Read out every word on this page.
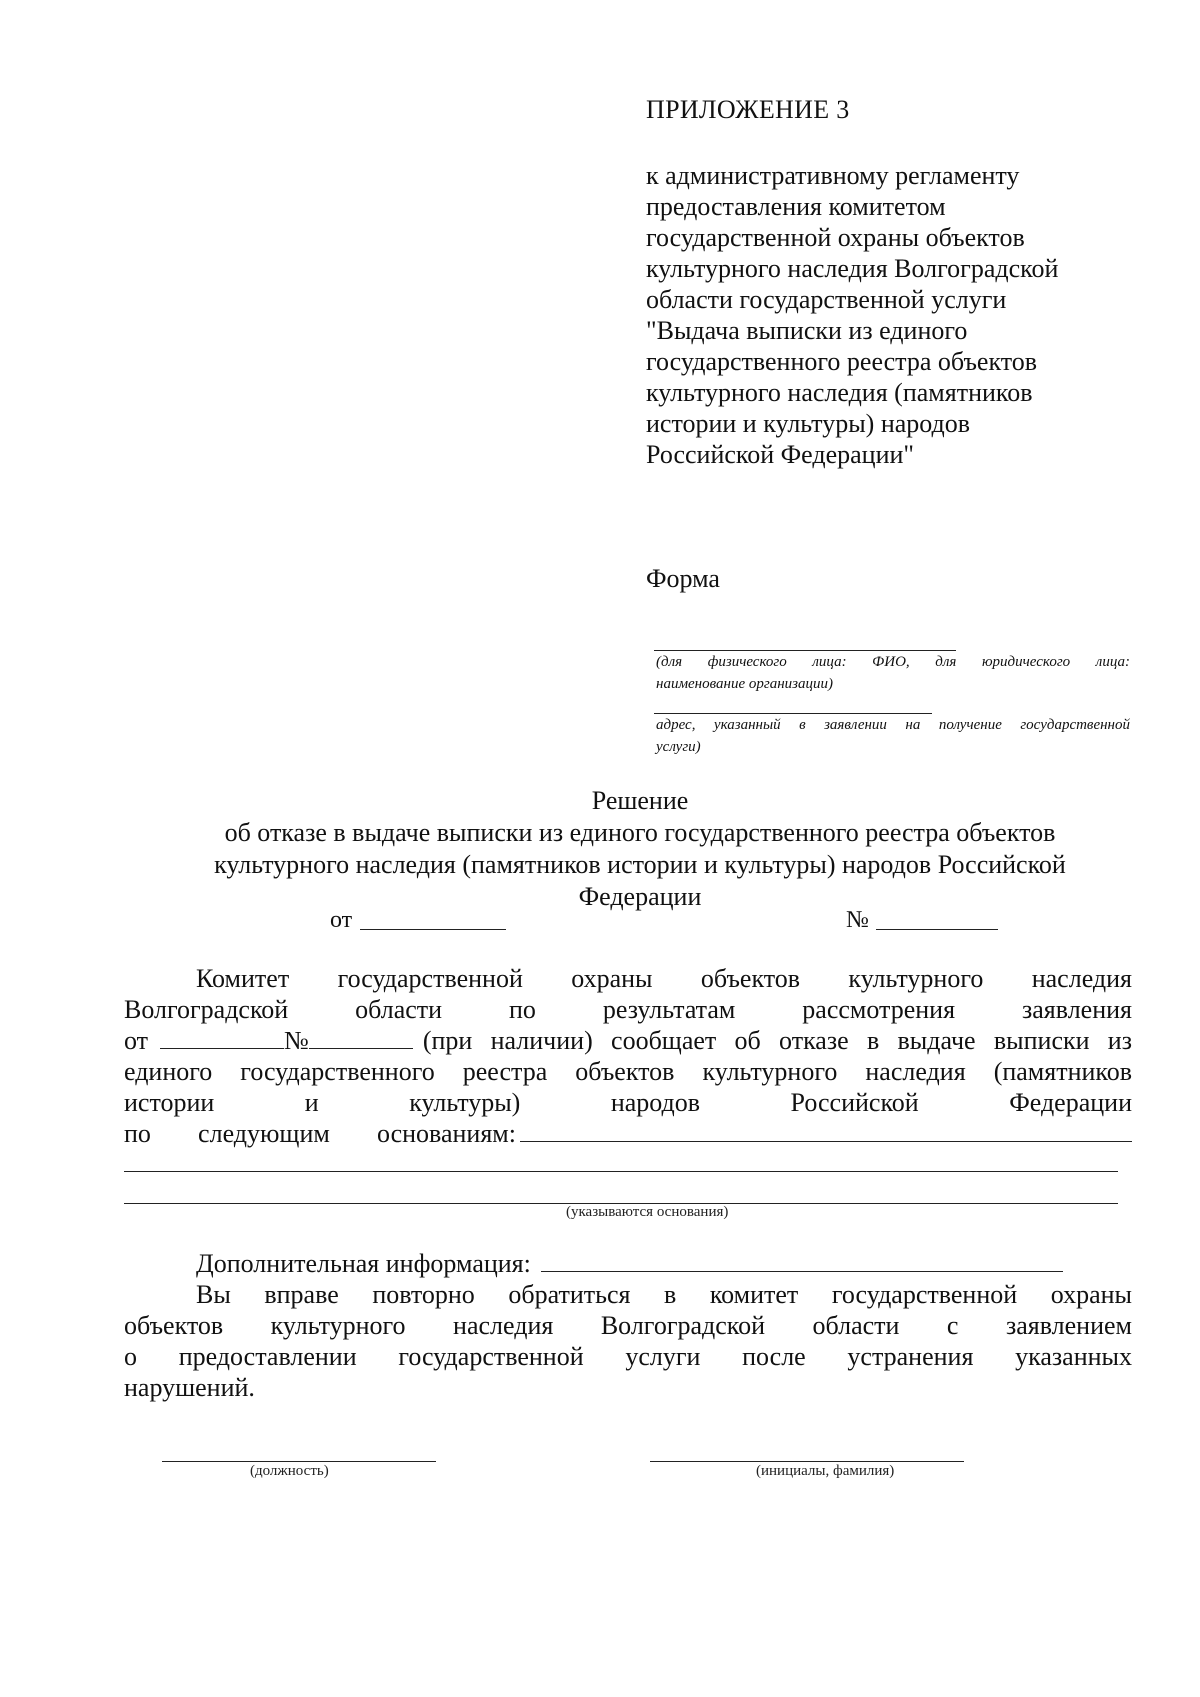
ПРИЛОЖЕНИЕ 3
к административному регламенту
предоставления комитетом
государственной охраны объектов
культурного наследия Волгоградской
области государственной услуги
"Выдача выписки из единого
государственного реестра объектов
культурного наследия (памятников
истории и культуры) народов
Российской Федерации"
Форма
(для физического лица: ФИО, для юридического лица:
наименование организации)
адрес, указанный в заявлении на получение государственной
услуги)
Решение
об отказе в выдаче выписки из единого государственного реестра объектов
культурного наследия (памятников истории и культуры) народов Российской
Федерации
от	№
Комитет государственной охраны объектов культурного наследия
Волгоградской области по результатам рассмотрения заявления
от	№	(при наличии) сообщает об отказе в выдаче выписки из
единого государственного реестра объектов культурного наследия (памятников
истории и культуры) народов Российской Федерации
по следующим основаниям:
(указываются основания)
Дополнительная информация:
Вы вправе повторно обратиться в комитет государственной охраны
объектов культурного наследия Волгоградской области с заявлением
о предоставлении государственной услуги после устранения указанных
нарушений.
(должность)	(инициалы, фамилия)
